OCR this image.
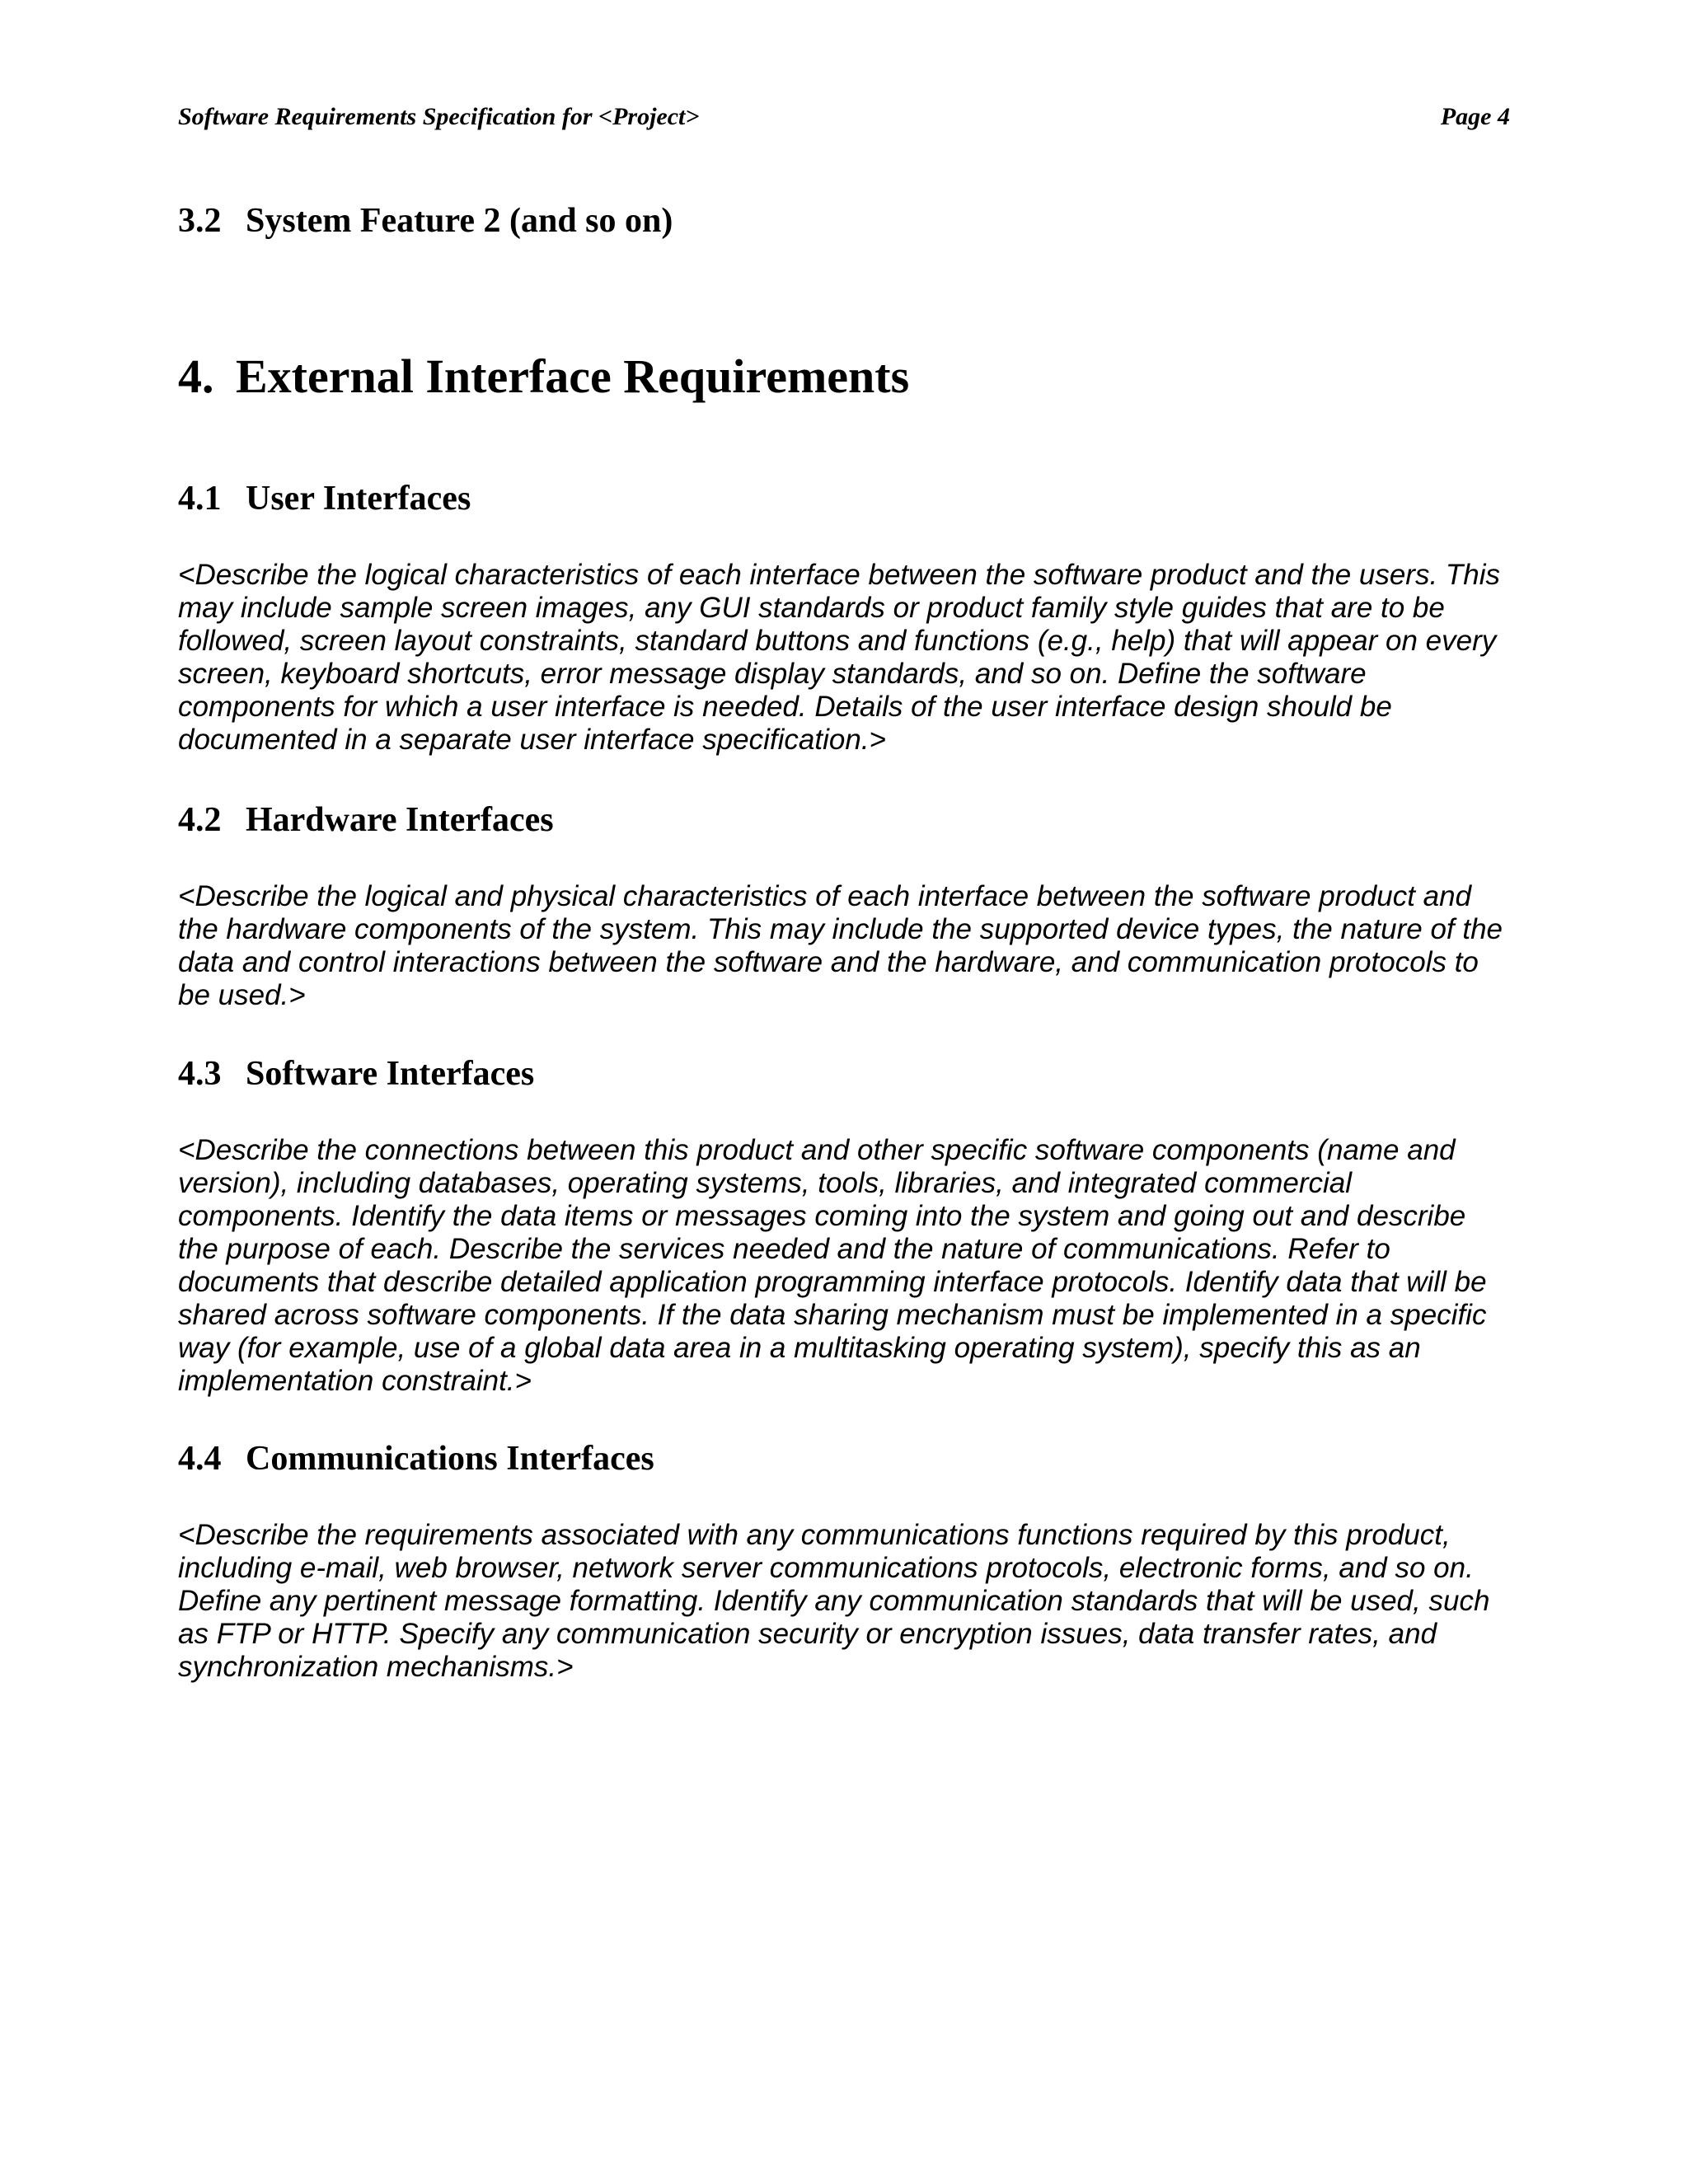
Software Requirements Specification for <Project>	Page 4
3.2 System Feature 2 (and so on)
4. External Interface Requirements
4.1 User Interfaces

<Describe the logical characteristics of each interface between the software product and the users. This may include sample screen images, any GUI standards or product family style guides that are to be followed, screen layout constraints, standard buttons and functions (e.g., help) that will appear on every screen, keyboard shortcuts, error message display standards, and so on. Define the software components for which a user interface is needed. Details of the user interface design should be documented in a separate user interface specification.>

4.2 Hardware Interfaces

<Describe the logical and physical characteristics of each interface between the software product and the hardware components of the system. This may include the supported device types, the nature of the data and control interactions between the software and the hardware, and communication protocols to be used.>

4.3 Software Interfaces

<Describe the connections between this product and other specific software components (name and version), including databases, operating systems, tools, libraries, and integrated commercial components. Identify the data items or messages coming into the system and going out and describe the purpose of each. Describe the services needed and the nature of communications. Refer to documents that describe detailed application programming interface protocols. Identify data that will be shared across software components. If the data sharing mechanism must be implemented in a specific way (for example, use of a global data area in a multitasking operating system), specify this as an implementation constraint.>

4.4 Communications Interfaces

<Describe the requirements associated with any communications functions required by this product, including e-mail, web browser, network server communications protocols, electronic forms, and so on. Define any pertinent message formatting. Identify any communication standards that will be used, such as FTP or HTTP. Specify any communication security or encryption issues, data transfer rates, and synchronization mechanisms.>
